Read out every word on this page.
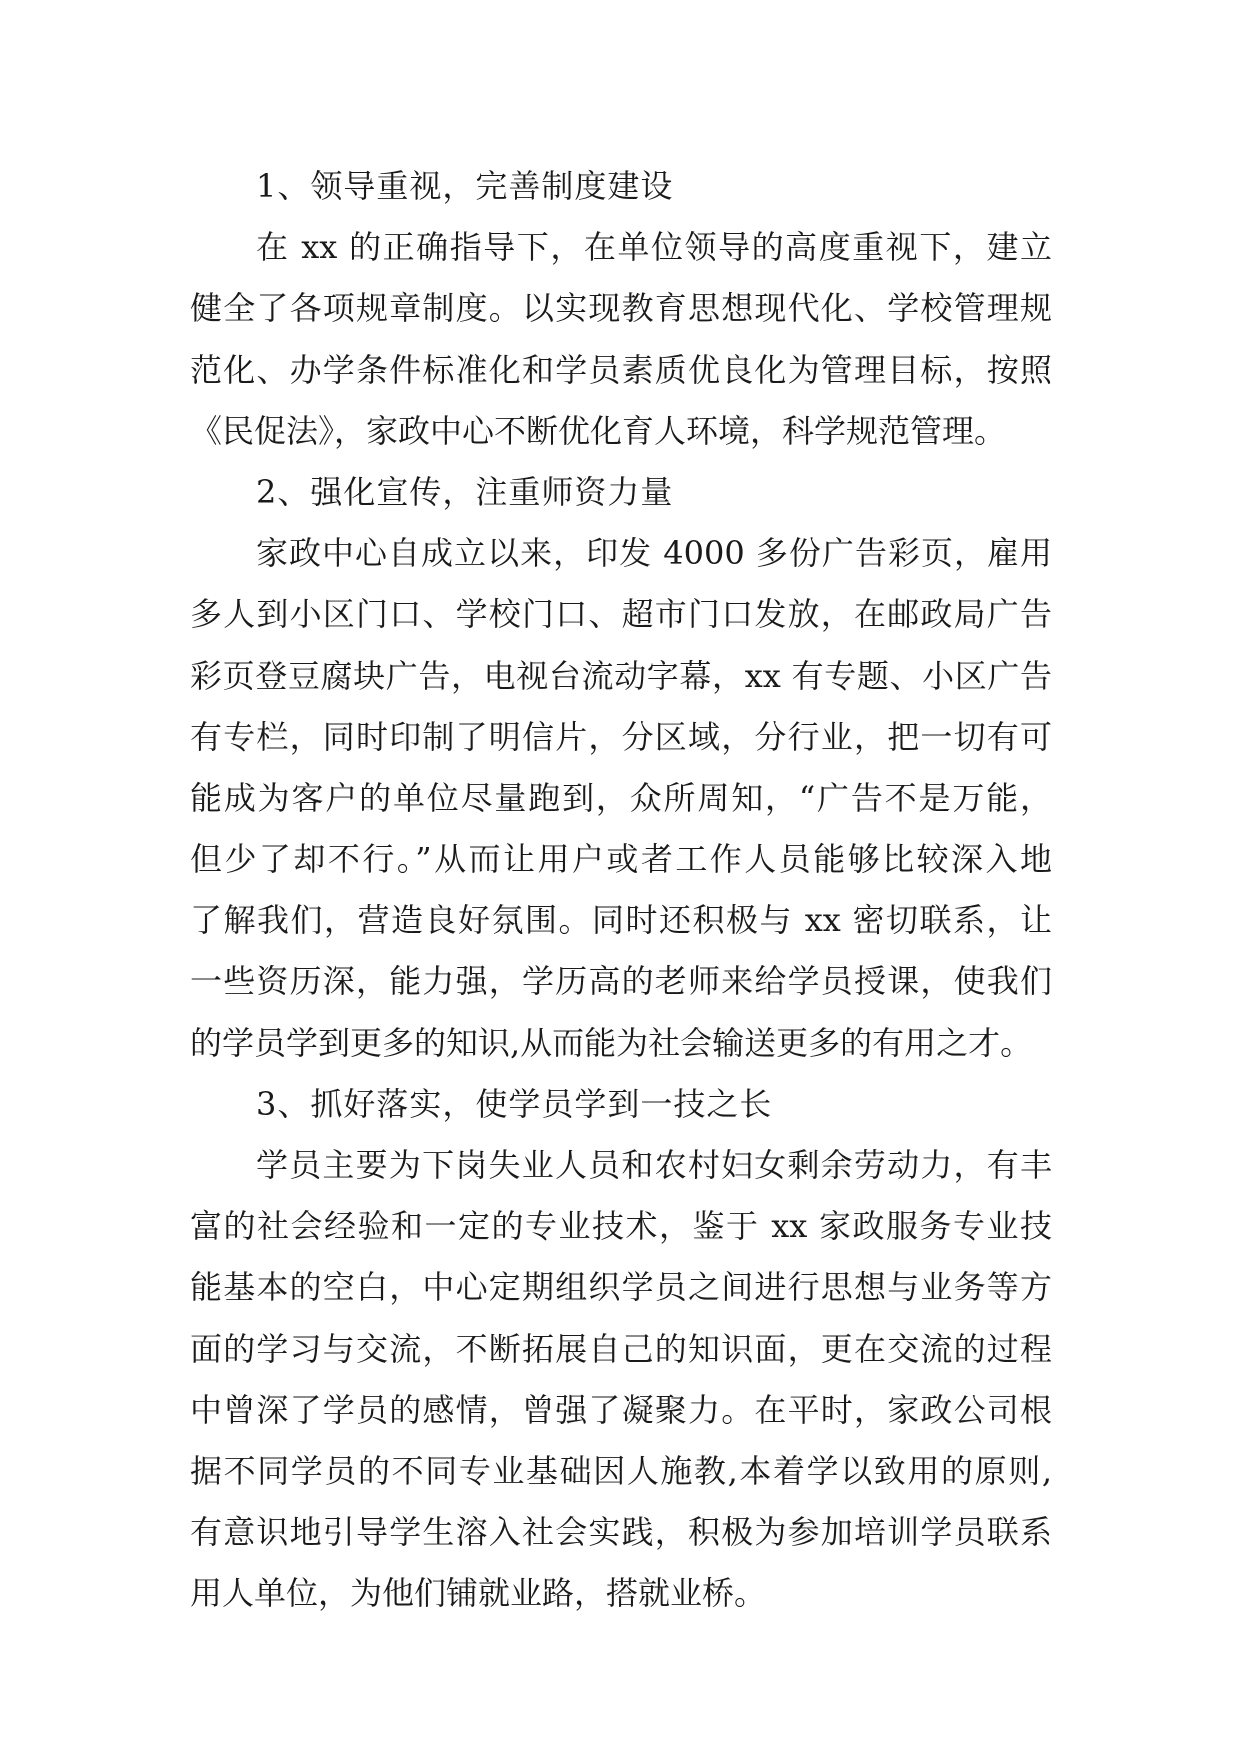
1、领导重视，完善制度建设
在 xx 的正确指导下，在单位领导的高度重视下，建立
健全了各项规章制度。以实现教育思想现代化、学校管理规
范化、办学条件标准化和学员素质优良化为管理目标，按照
《民促法》，家政中心不断优化育人环境，科学规范管理。
2、强化宣传，注重师资力量
家政中心自成立以来，印发 4000 多份广告彩页，雇用
多人到小区门口、学校门口、超市门口发放，在邮政局广告
彩页登豆腐块广告，电视台流动字幕，xx 有专题、小区广告
有专栏，同时印制了明信片，分区域，分行业，把一切有可
能成为客户的单位尽量跑到，众所周知，“广告不是万能，
但少了却不行。”从而让用户或者工作人员能够比较深入地
了解我们，营造良好氛围。同时还积极与 xx 密切联系，让
一些资历深，能力强，学历高的老师来给学员授课，使我们
的学员学到更多的知识,从而能为社会输送更多的有用之才。
3、抓好落实，使学员学到一技之长
学员主要为下岗失业人员和农村妇女剩余劳动力，有丰
富的社会经验和一定的专业技术，鉴于 xx 家政服务专业技
能基本的空白，中心定期组织学员之间进行思想与业务等方
面的学习与交流，不断拓展自己的知识面，更在交流的过程
中曾深了学员的感情，曾强了凝聚力。在平时，家政公司根
据不同学员的不同专业基础因人施教,本着学以致用的原则,
有意识地引导学生溶入社会实践，积极为参加培训学员联系
用人单位，为他们铺就业路，搭就业桥。
